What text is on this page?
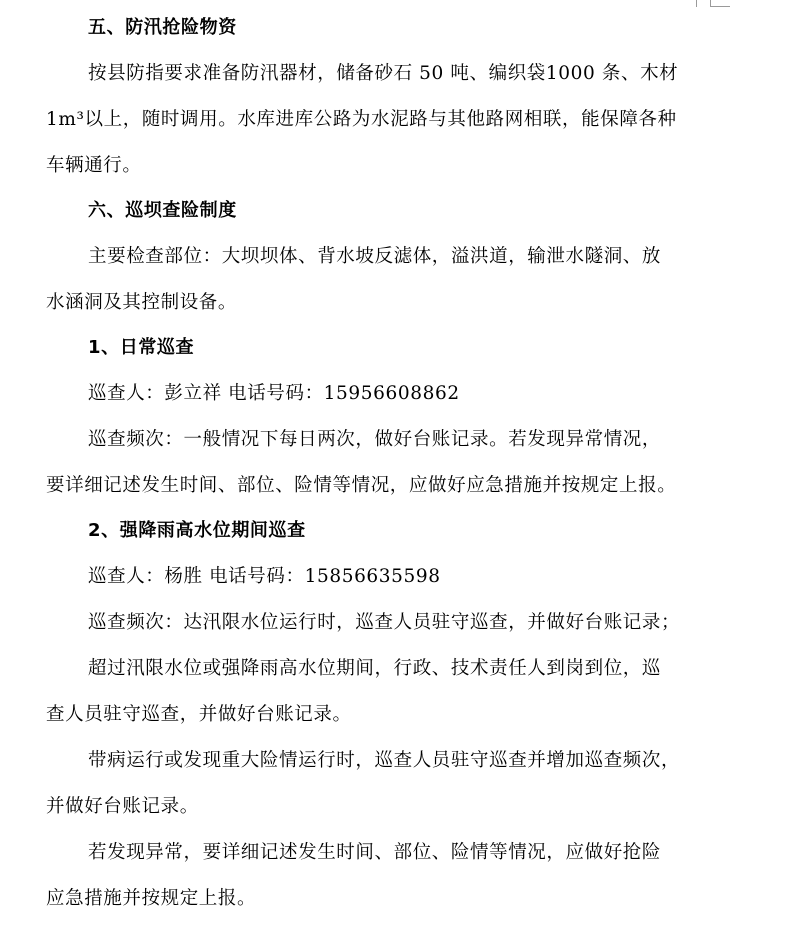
五、防汛抢险物资
按县防指要求准备防汛器材，储备砂石 50 吨、编织袋1000 条、木材
1m³以上，随时调用。水库进库公路为水泥路与其他路网相联，能保障各种
车辆通行。
六、巡坝查险制度
主要检查部位：大坝坝体、背水坡反滤体，溢洪道，输泄水隧洞、放
水涵洞及其控制设备。
1、日常巡查
巡查人：彭立祥 电话号码：15956608862
巡查频次：一般情况下每日两次，做好台账记录。若发现异常情况，
要详细记述发生时间、部位、险情等情况，应做好应急措施并按规定上报。
2、强降雨高水位期间巡查
巡查人：杨胜 电话号码：15856635598
巡查频次：达汛限水位运行时，巡查人员驻守巡查，并做好台账记录；
超过汛限水位或强降雨高水位期间，行政、技术责任人到岗到位，巡
查人员驻守巡查，并做好台账记录。
带病运行或发现重大险情运行时，巡查人员驻守巡查并增加巡查频次，
并做好台账记录。
若发现异常，要详细记述发生时间、部位、险情等情况，应做好抢险
应急措施并按规定上报。
